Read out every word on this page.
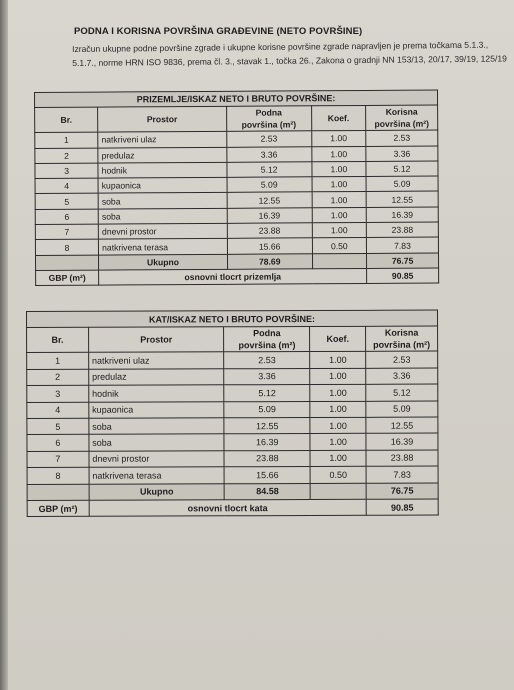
PODNA I KORISNA POVRŠINA GRAĐEVINE (NETO POVRŠINE)
Izračun ukupne podne površine zgrade i ukupne korisne površine zgrade napravljen je prema točkama 5.1.3.,
5.1.7., norme HRN ISO 9836, prema čl. 3., stavak 1., točka 26., Zakona o gradnji NN 153/13, 20/17, 39/19, 125/19
PRIZEMLJE/ISKAZ NETO I BRUTO POVRŠINE:				
Br.	Prostor	Podna
površina (m²)	Koef.	Korisna
površina (m²)
1	natkriveni ulaz	2.53	1.00	2.53
2	predulaz	3.36	1.00	3.36
3	hodnik	5.12	1.00	5.12
4	kupaonica	5.09	1.00	5.09
5	soba	12.55	1.00	12.55
6	soba	16.39	1.00	16.39
7	dnevni prostor	23.88	1.00	23.88
8	natkrivena terasa	15.66	0.50	7.83
	Ukupno	78.69		76.75
GBP (m²)	osnovni tlocrt prizemlja			90.85
KAT/ISKAZ NETO I BRUTO POVRŠINE:				
Br.	Prostor	Podna
površina (m²)	Koef.	Korisna
površina (m²)
1	natkriveni ulaz	2.53	1.00	2.53
2	predulaz	3.36	1.00	3.36
3	hodnik	5.12	1.00	5.12
4	kupaonica	5.09	1.00	5.09
5	soba	12.55	1.00	12.55
6	soba	16.39	1.00	16.39
7	dnevni prostor	23.88	1.00	23.88
8	natkrivena terasa	15.66	0.50	7.83
	Ukupno	84.58		76.75
GBP (m²)	osnovni tlocrt kata			90.85
